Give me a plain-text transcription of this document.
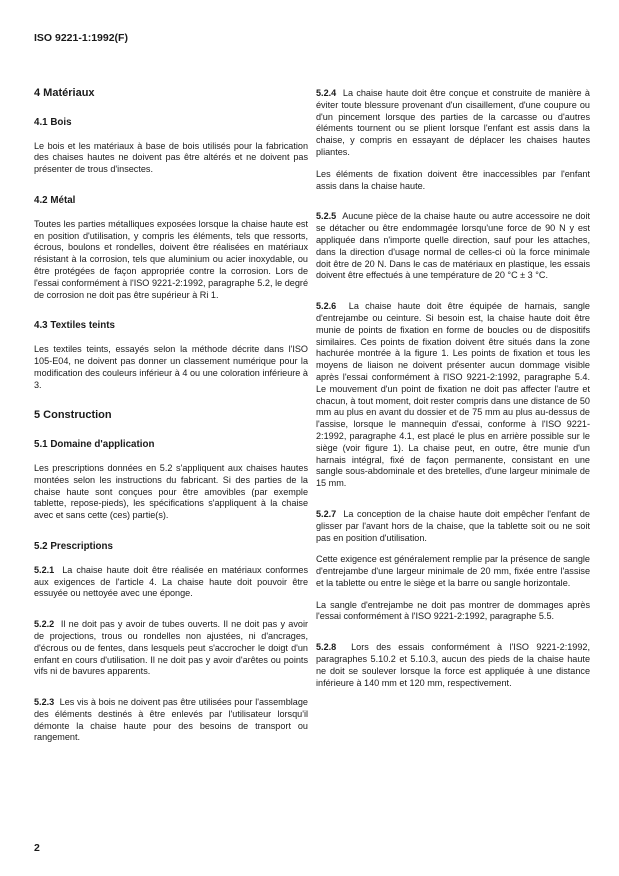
ISO 9221-1:1992(F)
4 Matériaux
4.1 Bois
Le bois et les matériaux à base de bois utilisés pour la fabrication des chaises hautes ne doivent pas être altérés et ne doivent pas présenter de trous d'insectes.
4.2 Métal
Toutes les parties métalliques exposées lorsque la chaise haute est en position d'utilisation, y compris les éléments, tels que ressorts, écrous, boulons et rondelles, doivent être réalisées en matériaux résistant à la corrosion, tels que aluminium ou acier inoxydable, ou être protégées de façon appropriée contre la corrosion. Lors de l'essai conformément à l'ISO 9221-2:1992, paragraphe 5.2, le degré de corrosion ne doit pas être supérieur à Ri 1.
4.3 Textiles teints
Les textiles teints, essayés selon la méthode décrite dans l'ISO 105-E04, ne doivent pas donner un classement numérique pour la modification des couleurs inférieur à 4 ou une coloration inférieure à 3.
5 Construction
5.1 Domaine d'application
Les prescriptions données en 5.2 s'appliquent aux chaises hautes montées selon les instructions du fabricant. Si des parties de la chaise haute sont conçues pour être amovibles (par exemple tablette, repose-pieds), les spécifications s'appliquent à la chaise avec et sans cette (ces) partie(s).
5.2 Prescriptions
5.2.1 La chaise haute doit être réalisée en matériaux conformes aux exigences de l'article 4. La chaise haute doit pouvoir être essuyée ou nettoyée avec une éponge.
5.2.2 Il ne doit pas y avoir de tubes ouverts. Il ne doit pas y avoir de projections, trous ou rondelles non ajustées, ni d'ancrages, d'écrous ou de fentes, dans lesquels peut s'accrocher le doigt d'un enfant en cours d'utilisation. Il ne doit pas y avoir d'arêtes ou points vifs ni de bavures apparents.
5.2.3 Les vis à bois ne doivent pas être utilisées pour l'assemblage des éléments destinés à être enlevés par l'utilisateur lorsqu'il démonte la chaise haute pour des besoins de transport ou rangement.
5.2.4 La chaise haute doit être conçue et construite de manière à éviter toute blessure provenant d'un cisaillement, d'une coupure ou d'un pincement lorsque des parties de la carcasse ou d'autres éléments tournent ou se plient lorsque l'enfant est assis dans la chaise, y compris en essayant de déplacer les chaises hautes pliantes.
Les éléments de fixation doivent être inaccessibles par l'enfant assis dans la chaise haute.
5.2.5 Aucune pièce de la chaise haute ou autre accessoire ne doit se détacher ou être endommagée lorsqu'une force de 90 N y est appliquée dans n'importe quelle direction, sauf pour les attaches, dans la direction d'usage normal de celles-ci où la force minimale doit être de 20 N. Dans le cas de matériaux en plastique, les essais doivent être effectués à une température de 20 °C ± 3 °C.
5.2.6 La chaise haute doit être équipée de harnais, sangle d'entrejambe ou ceinture. Si besoin est, la chaise haute doit être munie de points de fixation en forme de boucles ou de dispositifs similaires. Ces points de fixation doivent être situés dans la zone hachurée montrée à la figure 1. Les points de fixation et tous les moyens de liaison ne doivent présenter aucun dommage visible après l'essai conformément à l'ISO 9221-2:1992, paragraphe 5.4. Le mouvement d'un point de fixation ne doit pas affecter l'autre et chacun, à tout moment, doit rester compris dans une distance de 50 mm au plus en avant du dossier et de 75 mm au plus au-dessus de l'assise, lorsque le mannequin d'essai, conforme à l'ISO 9221-2:1992, paragraphe 4.1, est placé le plus en arrière possible sur le siège (voir figure 1). La chaise peut, en outre, être munie d'un harnais intégral, fixé de façon permanente, consistant en une sangle sous-abdominale et des bretelles, d'une largeur minimale de 15 mm.
5.2.7 La conception de la chaise haute doit empêcher l'enfant de glisser par l'avant hors de la chaise, que la tablette soit ou ne soit pas en position d'utilisation.
Cette exigence est généralement remplie par la présence de sangle d'entrejambe d'une largeur minimale de 20 mm, fixée entre l'assise et la tablette ou entre le siège et la barre ou sangle horizontale.
La sangle d'entrejambe ne doit pas montrer de dommages après l'essai conformément à l'ISO 9221-2:1992, paragraphe 5.5.
5.2.8 Lors des essais conformément à l'ISO 9221-2:1992, paragraphes 5.10.2 et 5.10.3, aucun des pieds de la chaise haute ne doit se soulever lorsque la force est appliquée à une distance inférieure à 140 mm et 120 mm, respectivement.
2
